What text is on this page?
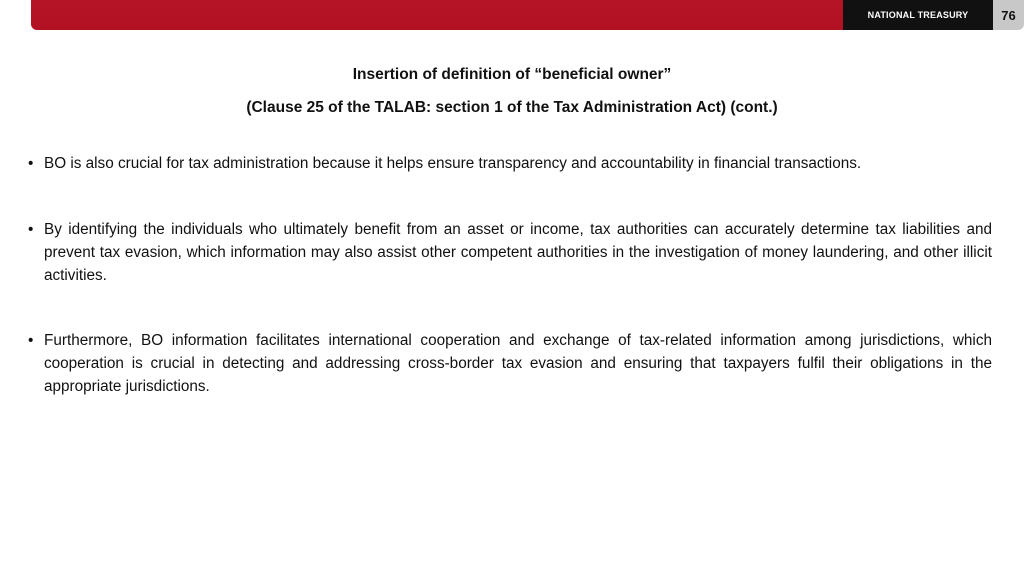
NATIONAL TREASURY	76
Insertion of definition of “beneficial owner”
(Clause 25 of the TALAB: section 1 of the Tax Administration Act) (cont.)
• BO is also crucial for tax administration because it helps ensure transparency and accountability in financial transactions.
• By identifying the individuals who ultimately benefit from an asset or income, tax authorities can accurately determine tax liabilities and prevent tax evasion, which information may also assist other competent authorities in the investigation of money laundering, and other illicit activities.
• Furthermore, BO information facilitates international cooperation and exchange of tax-related information among jurisdictions, which cooperation is crucial in detecting and addressing cross-border tax evasion and ensuring that taxpayers fulfil their obligations in the appropriate jurisdictions.
